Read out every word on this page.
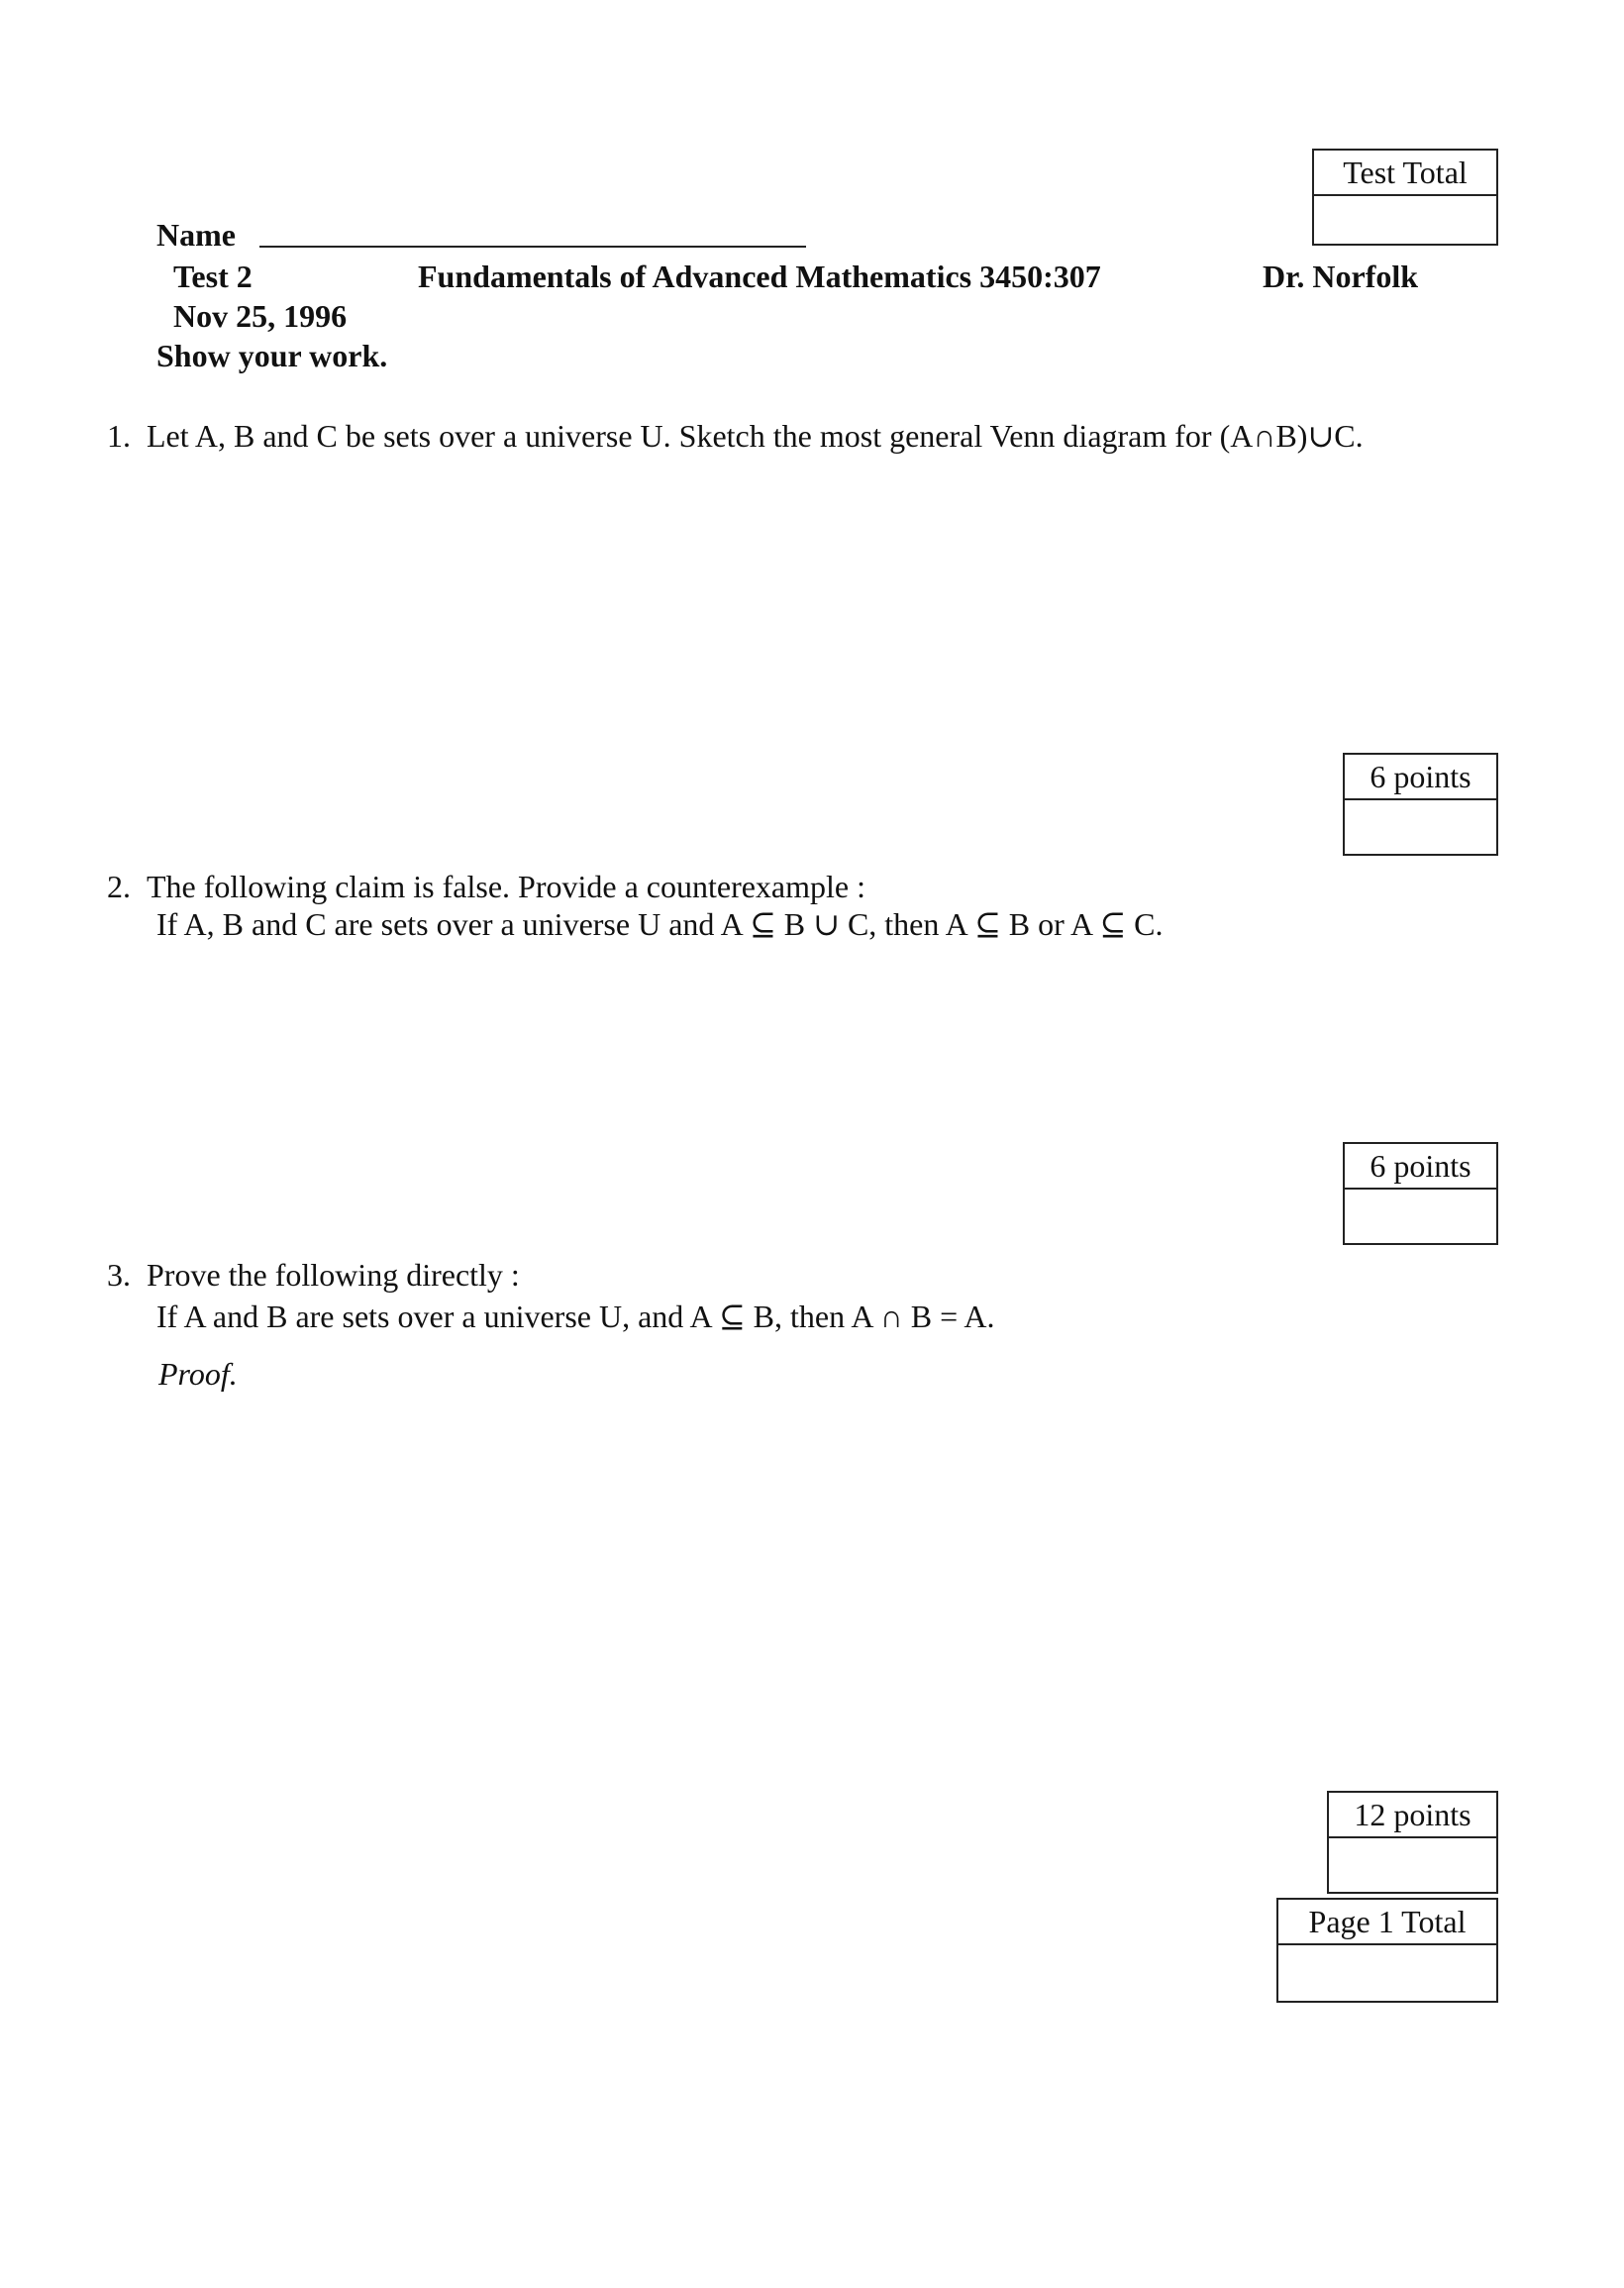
Test Total
Name
Test 2	Fundamentals of Advanced Mathematics 3450:307	Dr. Norfolk
Nov 25, 1996
Show your work.
1. Let A, B and C be sets over a universe U. Sketch the most general Venn diagram for (A∩B)∪C.
6 points
2. The following claim is false. Provide a counterexample :
If A, B and C are sets over a universe U and A ⊆ B ∪ C, then A ⊆ B or A ⊆ C.
6 points
3. Prove the following directly :
If A and B are sets over a universe U, and A ⊆ B, then A ∩ B = A.
Proof.
12 points
Page 1 Total
